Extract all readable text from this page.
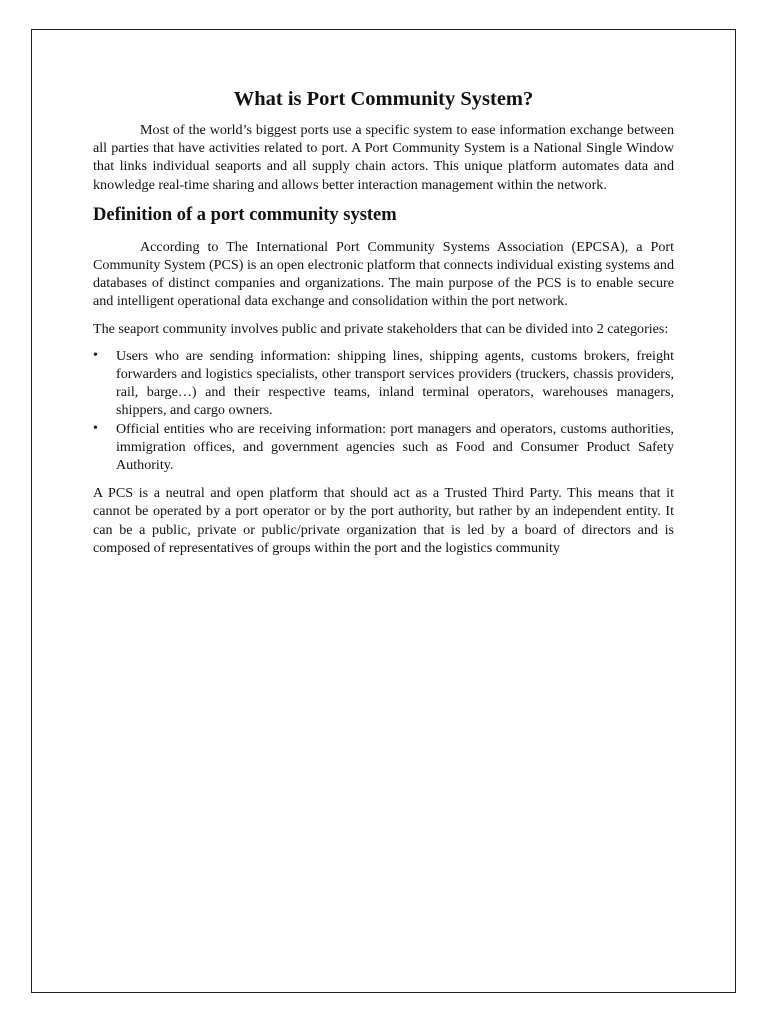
What is Port Community System?

Most of the world’s biggest ports use a specific system to ease information exchange between all parties that have activities related to port. A Port Community System is a National Single Window that links individual seaports and all supply chain actors. This unique platform automates data and knowledge real-time sharing and allows better interaction management within the network.

Definition of a port community system

According to The International Port Community Systems Association (EPCSA), a Port Community System (PCS) is an open electronic platform that connects individual existing systems and databases of distinct companies and organizations. The main purpose of the PCS is to enable secure and intelligent operational data exchange and consolidation within the port network.

The seaport community involves public and private stakeholders that can be divided into 2 categories:

• Users who are sending information: shipping lines, shipping agents, customs brokers, freight forwarders and logistics specialists, other transport services providers (truckers, chassis providers, rail, barge…) and their respective teams, inland terminal operators, warehouses managers, shippers, and cargo owners.
• Official entities who are receiving information: port managers and operators, customs authorities, immigration offices, and government agencies such as Food and Consumer Product Safety Authority.

A PCS is a neutral and open platform that should act as a Trusted Third Party. This means that it cannot be operated by a port operator or by the port authority, but rather by an independent entity. It can be a public, private or public/private organization that is led by a board of directors and is composed of representatives of groups within the port and the logistics community
